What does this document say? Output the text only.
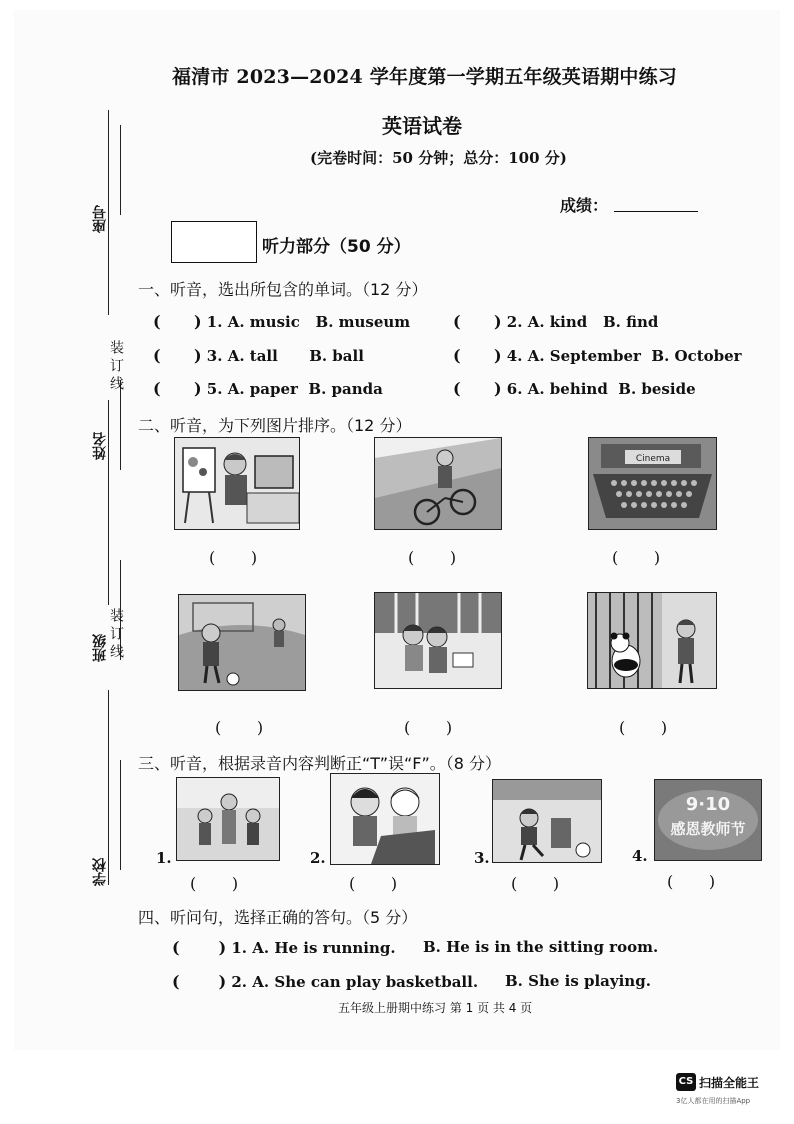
座号
姓名
班级
学校
装订线
装订线
福清市 2023—2024 学年度第一学期五年级英语期中练习
英语试卷
(完卷时间：50 分钟；总分：100 分)
成绩：
听力部分（50 分）
一、听音，选出所包含的单词。（12 分）
(      ) 1. A. music B. museum	(      ) 2. A. kind B. find
(      ) 3. A. tall B. ball	(      ) 4. A. September B. October
(      ) 5. A. paper B. panda	(      ) 6. A. behind B. beside
二、听音，为下列图片排序。（12 分）
Cinema
(       )	(       )	(       )
(       )	(       )	(       )
三、听音，根据录音内容判断正“T”误“F”。（8 分）
1.
(       )
2.
(       )
3.
(       )
4.
9·10
感恩教师节
(       )
四、听问句，选择正确的答句。（5 分）
(       ) 1. A. He is running. B. He is in the sitting room.
(       ) 2. A. She can play basketball. B. She is playing.
五年级上册期中练习 第 1 页 共 4 页
CS 扫描全能王
3亿人都在用的扫描App
